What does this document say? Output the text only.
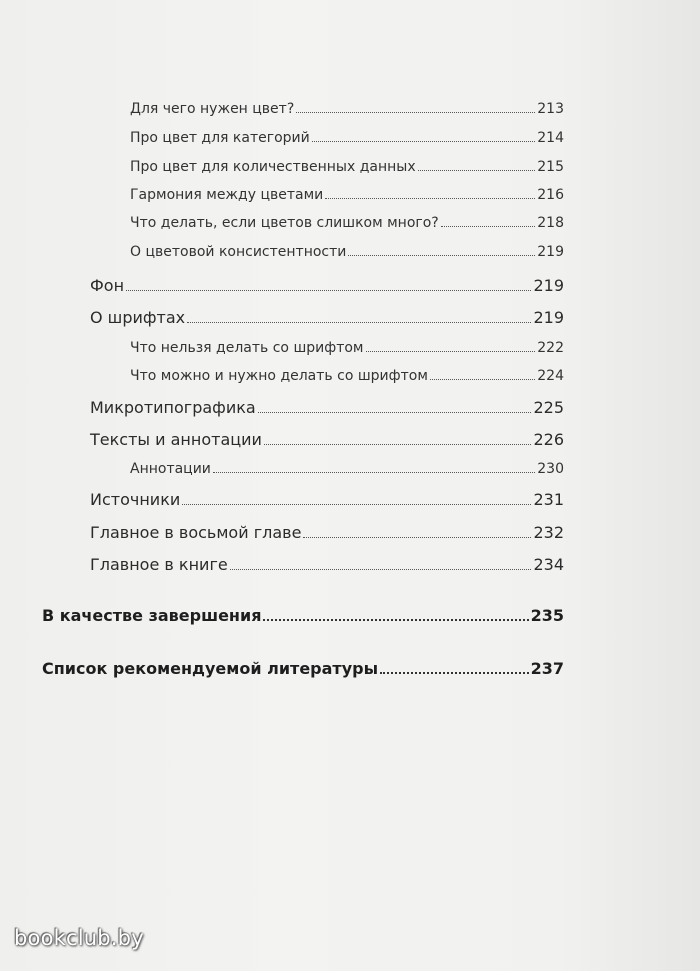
Для чего нужен цвет?	213
Про цвет для категорий	214
Про цвет для количественных данных	215
Гармония между цветами	216
Что делать, если цветов слишком много?	218
О цветовой консистентности	219
Фон	219
О шрифтах	219
Что нельзя делать со шрифтом	222
Что можно и нужно делать со шрифтом	224
Микротипографика	225
Тексты и аннотации	226
Аннотации	230
Источники	231
Главное в восьмой главе	232
Главное в книге	234
В качестве завершения	235
Список рекомендуемой литературы	237
bookclub.by
